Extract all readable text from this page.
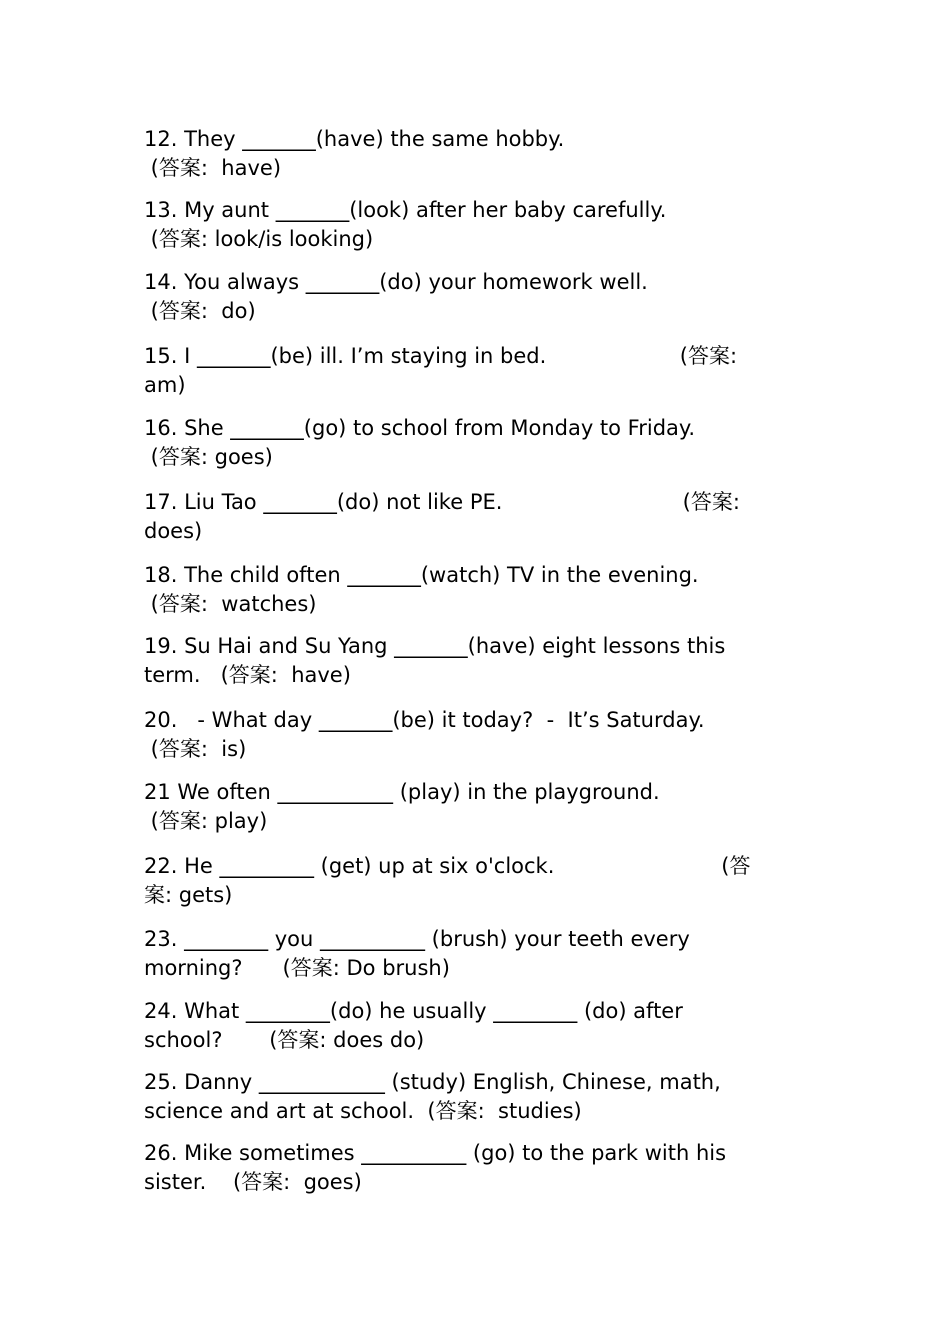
12. They _______(have) the same hobby.
(答案:  have)

13. My aunt _______(look) after her baby carefully.
(答案: look/is looking)

14. You always _______(do) your homework well.
(答案:  do)

15. I _______(be) ill. I’m staying in bed.                    (答案:
am)

16. She _______(go) to school from Monday to Friday.
(答案: goes)

17. Liu Tao _______(do) not like PE.                           (答案:
does)

18. The child often _______(watch) TV in the evening.
(答案:  watches)

19. Su Hai and Su Yang _______(have) eight lessons this
term.   (答案:  have)

20.   - What day _______(be) it today?  -  It’s Saturday.
(答案:  is)

21 We often ___________ (play) in the playground.
(答案: play)

22. He _________ (get) up at six o'clock.                         (答
案: gets)

23. ________ you __________ (brush) your teeth every
morning?      (答案: Do brush)

24. What ________(do) he usually ________ (do) after
school?       (答案: does do)

25. Danny ____________ (study) English, Chinese, math,
science and art at school.  (答案:  studies)

26. Mike sometimes __________ (go) to the park with his
sister.    (答案:  goes)
